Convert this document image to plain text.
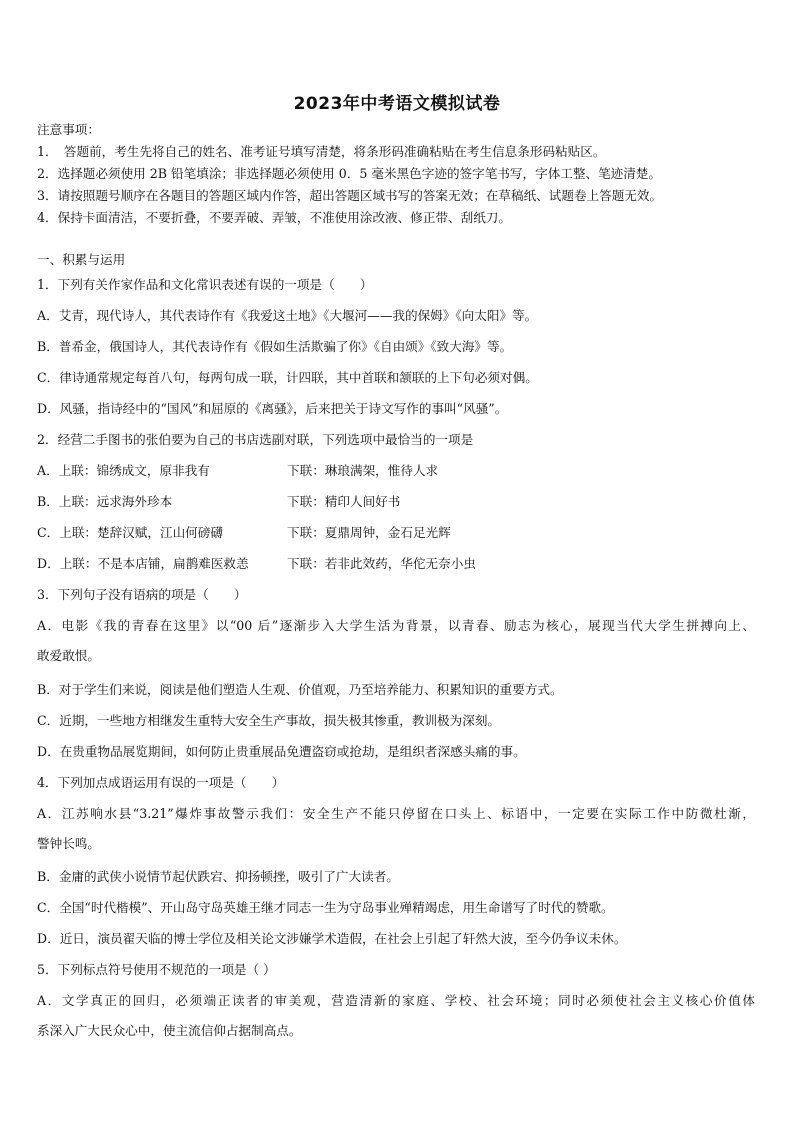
2023年中考语文模拟试卷
注意事项：
1．　答题前，考生先将自己的姓名、准考证号填写清楚，将条形码准确粘贴在考生信息条形码粘贴区。
2．选择题必须使用 2B 铅笔填涂；非选择题必须使用 0．5 毫米黑色字迹的签字笔书写，字体工整、笔迹清楚。
3．请按照题号顺序在各题目的答题区域内作答，超出答题区域书写的答案无效；在草稿纸、试题卷上答题无效。
4．保持卡面清洁，不要折叠，不要弄破、弄皱，不准使用涂改液、修正带、刮纸刀。
一、积累与运用
1．下列有关作家作品和文化常识表述有误的一项是（　　）
A．艾青，现代诗人，其代表诗作有《我爱这土地》《大堰河——我的保姆》《向太阳》等。
B．普希金，俄国诗人，其代表诗作有《假如生活欺骗了你》《自由颂》《致大海》等。
C．律诗通常规定每首八句，每两句成一联，计四联，其中首联和颔联的上下句必须对偶。
D．风骚，指诗经中的“国风”和屈原的《离骚》，后来把关于诗文写作的事叫“风骚”。
2．经营二手图书的张伯要为自己的书店选副对联，下列选项中最恰当的一项是
A．上联：锦绣成文，原非我有	下联：琳琅满架，惟待人求
B．上联：远求海外珍本	下联：精印人间好书
C．上联：楚辞汉赋，江山何磅礴	下联：夏鼎周钟，金石足光辉
D．上联：不是本店铺，扁鹊难医救恙	下联：若非此效药，华佗无奈小虫
3．下列句子没有语病的项是（　　）
A．电影《我的青春在这里》以“00 后”逐渐步入大学生活为背景，以青春、励志为核心，展现当代大学生拼搏向上、
敢爱敢恨。
B．对于学生们来说，阅读是他们塑造人生观、价值观，乃至培养能力、积累知识的重要方式。
C．近期，一些地方相继发生重特大安全生产事故，损失极其惨重，教训极为深刻。
D．在贵重物品展览期间，如何防止贵重展品免遭盗窃或抢劫，是组织者深感头痛的事。
4．下列加点成语运用有误的一项是（　　）
A．江苏响水县“3.21”爆炸事故警示我们：安全生产不能只停留在口头上、标语中，一定要在实际工作中防微杜渐，
警钟长鸣。
B．金庸的武侠小说情节起伏跌宕、抑扬顿挫，吸引了广大读者。
C．全国“时代楷模”、开山岛守岛英雄王继才同志一生为守岛事业殚精竭虑，用生命谱写了时代的赞歌。
D．近日，演员翟天临的博士学位及相关论文涉嫌学术造假，在社会上引起了轩然大波，至今仍争议未休。
5．下列标点符号使用不规范的一项是（ ）
A．文学真正的回归，必须端正读者的审美观，营造清新的家庭、学校、社会环境；同时必须使社会主义核心价值体
系深入广大民众心中，使主流信仰占据制高点。
